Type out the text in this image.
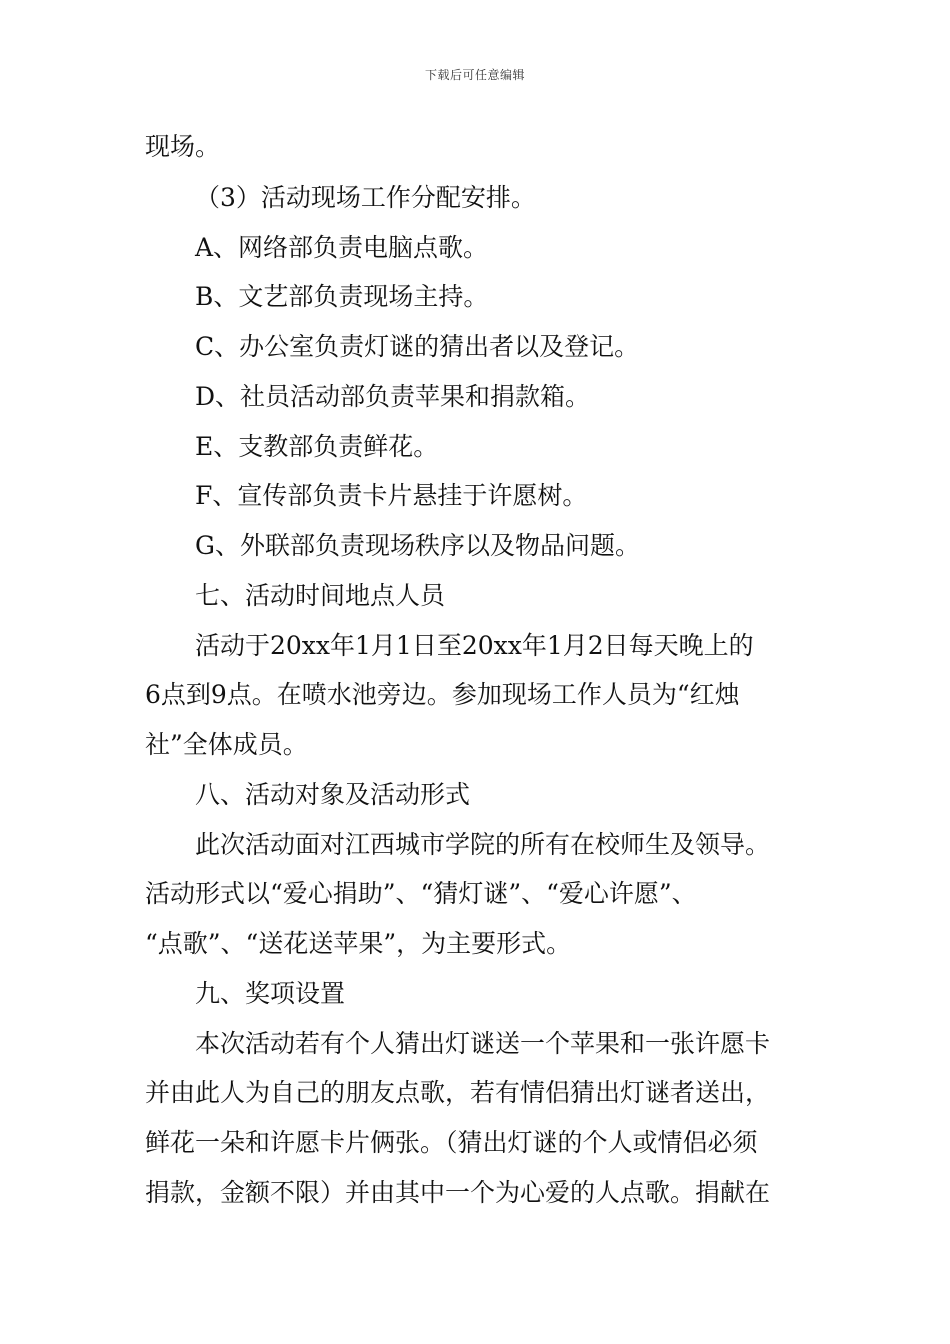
下载后可任意编辑
现场。
（3）活动现场工作分配安排。
A、网络部负责电脑点歌。
B、文艺部负责现场主持。
C、办公室负责灯谜的猜出者以及登记。
D、社员活动部负责苹果和捐款箱。
E、支教部负责鲜花。
F、宣传部负责卡片悬挂于许愿树。
G、外联部负责现场秩序以及物品问题。
七、活动时间地点人员
活动于20xx年1月1日至20xx年1月2日每天晚上的
6点到9点。在喷水池旁边。参加现场工作人员为“红烛
社”全体成员。
八、活动对象及活动形式
此次活动面对江西城市学院的所有在校师生及领导。
活动形式以“爱心捐助”、“猜灯谜”、“爱心许愿”、
“点歌”、“送花送苹果”，为主要形式。
九、奖项设置
本次活动若有个人猜出灯谜送一个苹果和一张许愿卡
并由此人为自己的朋友点歌，若有情侣猜出灯谜者送出，
鲜花一朵和许愿卡片俩张。（猜出灯谜的个人或情侣必须
捐款，金额不限）并由其中一个为心爱的人点歌。捐献在
